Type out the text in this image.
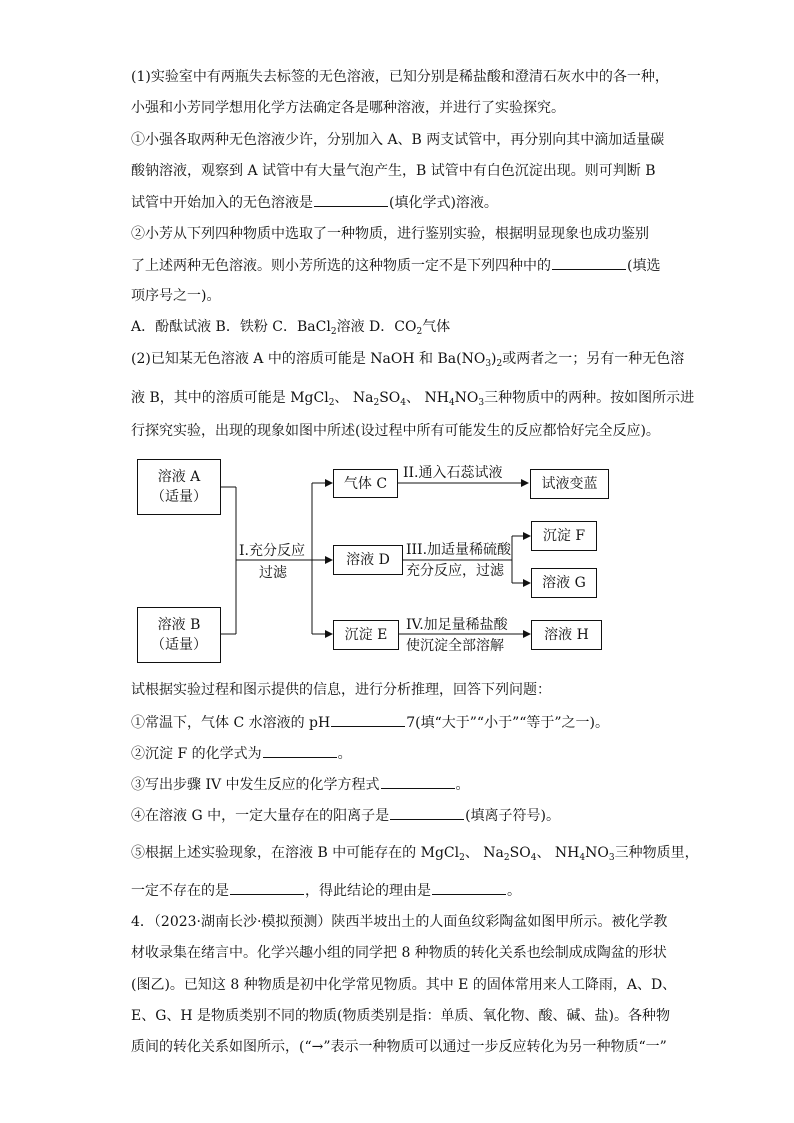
(1)实验室中有两瓶失去标签的无色溶液，已知分别是稀盐酸和澄清石灰水中的各一种，
小强和小芳同学想用化学方法确定各是哪种溶液，并进行了实验探究。
①小强各取两种无色溶液少许，分别加入 A、B 两支试管中，再分别向其中滴加适量碳
酸钠溶液，观察到 A 试管中有大量气泡产生，B 试管中有白色沉淀出现。则可判断 B
试管中开始加入的无色溶液是	(填化学式)溶液。
②小芳从下列四种物质中选取了一种物质，进行鉴别实验，根据明显现象也成功鉴别
了上述两种无色溶液。则小芳所选的这种物质一定不是下列四种中的	(填选
项序号之一)。
A．酚酞试液 B．铁粉 C．BaCl$_2$溶液 D．$CO_2$气体
(2)已知某无色溶液 A 中的溶质可能是 NaOH 和 $Ba(NO_3)_2$或两者之一；另有一种无色溶
液 B，其中的溶质可能是 MgCl$_2$、 $Na_2SO_4$、 $NH_4NO_3$三种物质中的两种。按如图所示进
行探究实验，出现的现象如图中所述(设过程中所有可能发生的反应都恰好完全反应)。
溶液 A
（适量）
溶液 B
（适量）
I.充分反应
过滤
气体 C
溶液 D
沉淀 E
II.通入石蕊试液
III.加适量稀硫酸
充分反应，过滤
IV.加足量稀盐酸
使沉淀全部溶解
试液变蓝
沉淀 F
溶液 G
溶液 H
试根据实验过程和图示提供的信息，进行分析推理，回答下列问题：
①常温下，气体 C 水溶液的 pH	7(填“大于”“小于”“等于”之一)。
②沉淀 F 的化学式为	。
③写出步骤 IV 中发生反应的化学方程式	。
④在溶液 G 中，一定大量存在的阳离子是	(填离子符号)。
⑤根据上述实验现象，在溶液 B 中可能存在的 MgCl$_2$、 $Na_2SO_4$、 $NH_4NO_3$三种物质里，
一定不存在的是	，得此结论的理由是	。
4．（2023·湖南长沙·模拟预测）陕西半坡出土的人面鱼纹彩陶盆如图甲所示。被化学教
材收录集在绪言中。化学兴趣小组的同学把 8 种物质的转化关系也绘制成成陶盆的形状
(图乙)。已知这 8 种物质是初中化学常见物质。其中 E 的固体常用来人工降雨，A、D、
E、G、H 是物质类别不同的物质(物质类别是指：单质、氧化物、酸、碱、盐)。各种物
质间的转化关系如图所示，(“→”表示一种物质可以通过一步反应转化为另一种物质“一”
